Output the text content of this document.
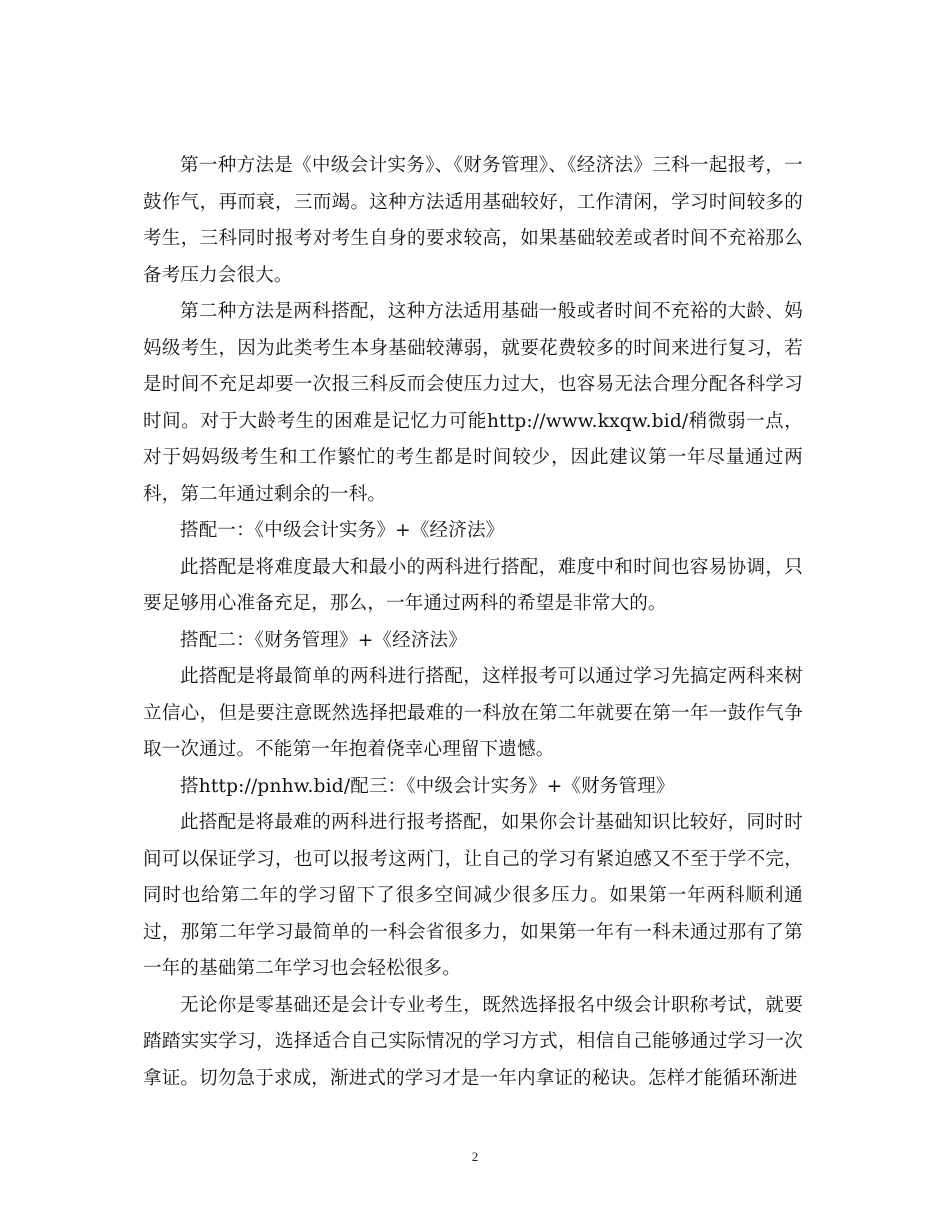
第一种方法是《中级会计实务》、《财务管理》、《经济法》三科一起报考，一鼓作气，再而衰，三而竭。这种方法适用基础较好，工作清闲，学习时间较多的考生，三科同时报考对考生自身的要求较高，如果基础较差或者时间不充裕那么备考压力会很大。

第二种方法是两科搭配，这种方法适用基础一般或者时间不充裕的大龄、妈妈级考生，因为此类考生本身基础较薄弱，就要花费较多的时间来进行复习，若是时间不充足却要一次报三科反而会使压力过大，也容易无法合理分配各科学习时间。对于大龄考生的困难是记忆力可能http://www.kxqw.bid/稍微弱一点，对于妈妈级考生和工作繁忙的考生都是时间较少，因此建议第一年尽量通过两科，第二年通过剩余的一科。

搭配一：《中级会计实务》+《经济法》

此搭配是将难度最大和最小的两科进行搭配，难度中和时间也容易协调，只要足够用心准备充足，那么，一年通过两科的希望是非常大的。

搭配二：《财务管理》+《经济法》

此搭配是将最简单的两科进行搭配，这样报考可以通过学习先搞定两科来树立信心，但是要注意既然选择把最难的一科放在第二年就要在第一年一鼓作气争取一次通过。不能第一年抱着侥幸心理留下遗憾。

搭http://pnhw.bid/配三：《中级会计实务》+《财务管理》

此搭配是将最难的两科进行报考搭配，如果你会计基础知识比较好，同时时间可以保证学习，也可以报考这两门，让自己的学习有紧迫感又不至于学不完，同时也给第二年的学习留下了很多空间减少很多压力。如果第一年两科顺利通过，那第二年学习最简单的一科会省很多力，如果第一年有一科未通过那有了第一年的基础第二年学习也会轻松很多。

无论你是零基础还是会计专业考生，既然选择报名中级会计职称考试，就要踏踏实实学习，选择适合自己实际情况的学习方式，相信自己能够通过学习一次拿证。切勿急于求成，渐进式的学习才是一年内拿证的秘诀。怎样才能循环渐进

2
